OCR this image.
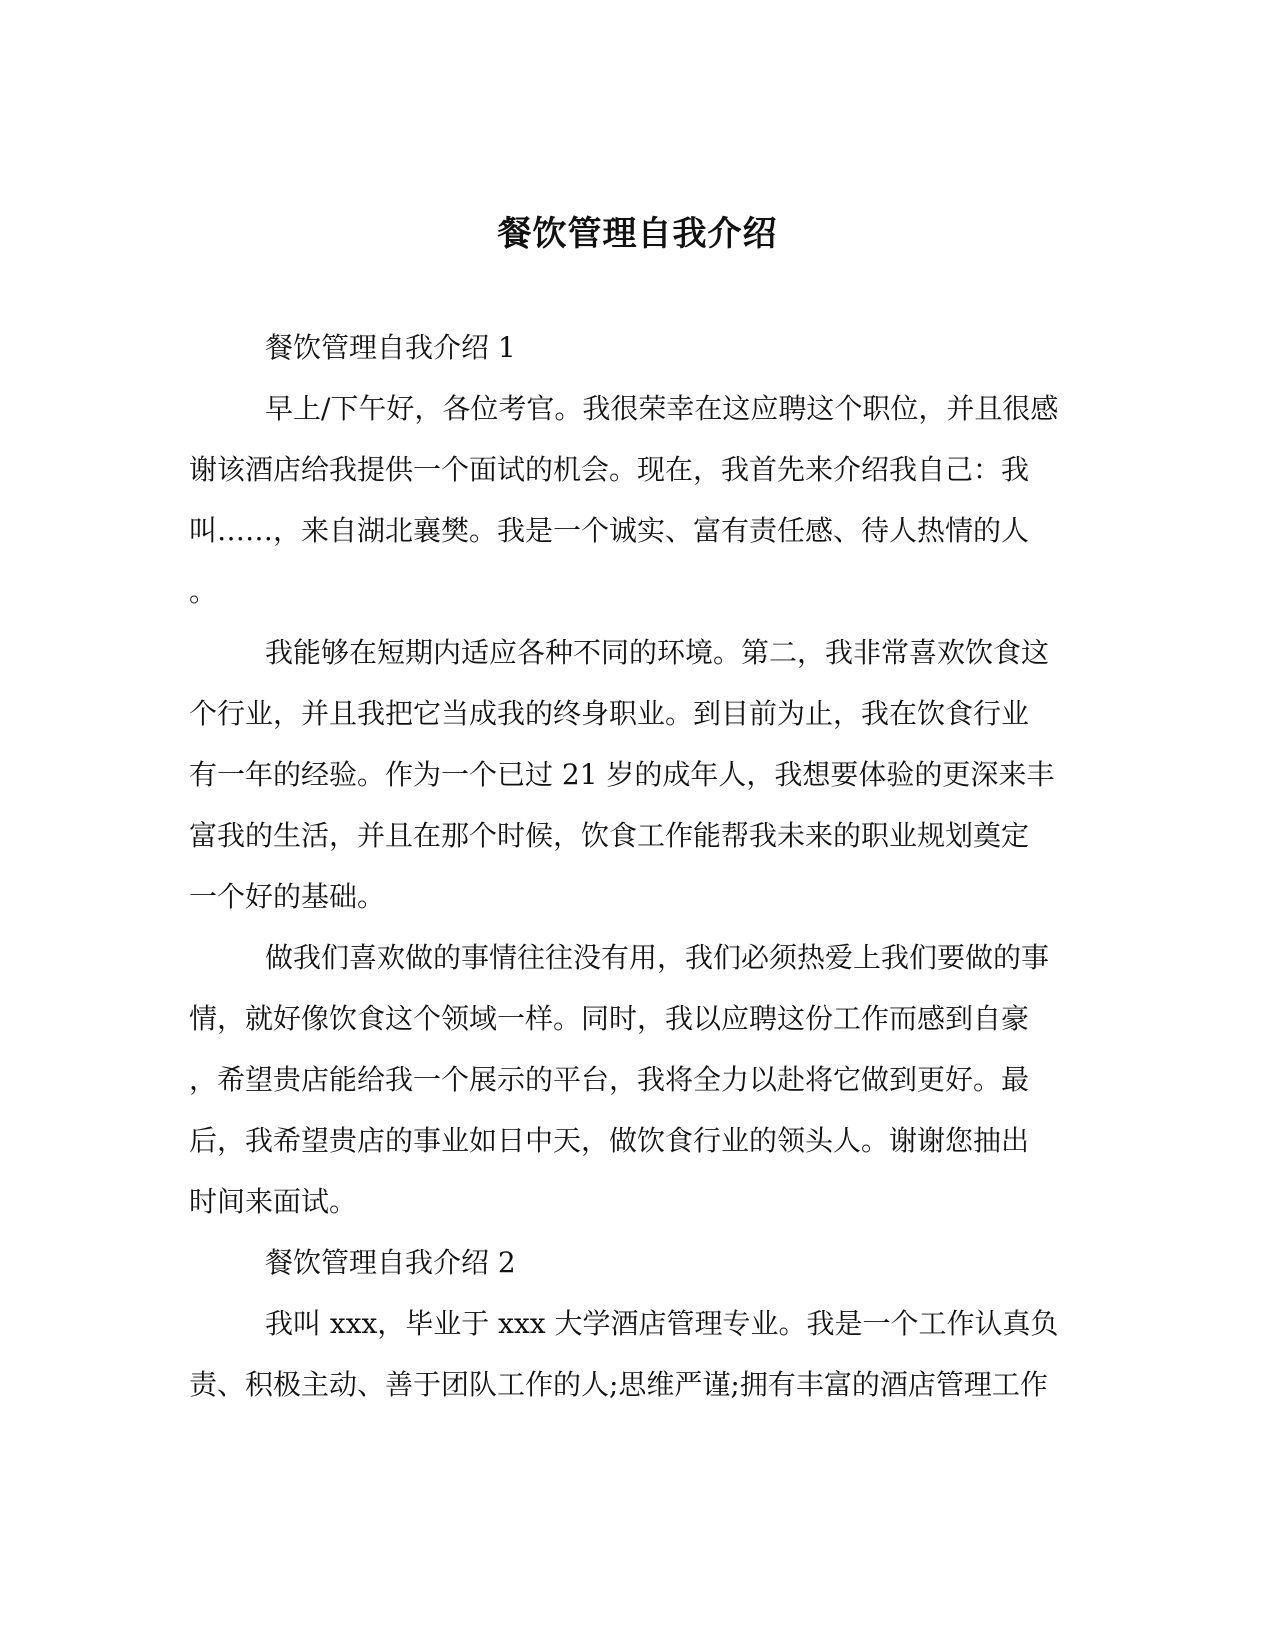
餐饮管理自我介绍
餐饮管理自我介绍 1
早上/下午好，各位考官。我很荣幸在这应聘这个职位，并且很感
谢该酒店给我提供一个面试的机会。现在，我首先来介绍我自己：我
叫……，来自湖北襄樊。我是一个诚实、富有责任感、待人热情的人
。
我能够在短期内适应各种不同的环境。第二，我非常喜欢饮食这
个行业，并且我把它当成我的终身职业。到目前为止，我在饮食行业
有一年的经验。作为一个已过 21 岁的成年人，我想要体验的更深来丰
富我的生活，并且在那个时候，饮食工作能帮我未来的职业规划奠定
一个好的基础。
做我们喜欢做的事情往往没有用，我们必须热爱上我们要做的事
情，就好像饮食这个领域一样。同时，我以应聘这份工作而感到自豪
，希望贵店能给我一个展示的平台，我将全力以赴将它做到更好。最
后，我希望贵店的事业如日中天，做饮食行业的领头人。谢谢您抽出
时间来面试。
餐饮管理自我介绍 2
我叫 xxx，毕业于 xxx 大学酒店管理专业。我是一个工作认真负
责、积极主动、善于团队工作的人;思维严谨;拥有丰富的酒店管理工作
